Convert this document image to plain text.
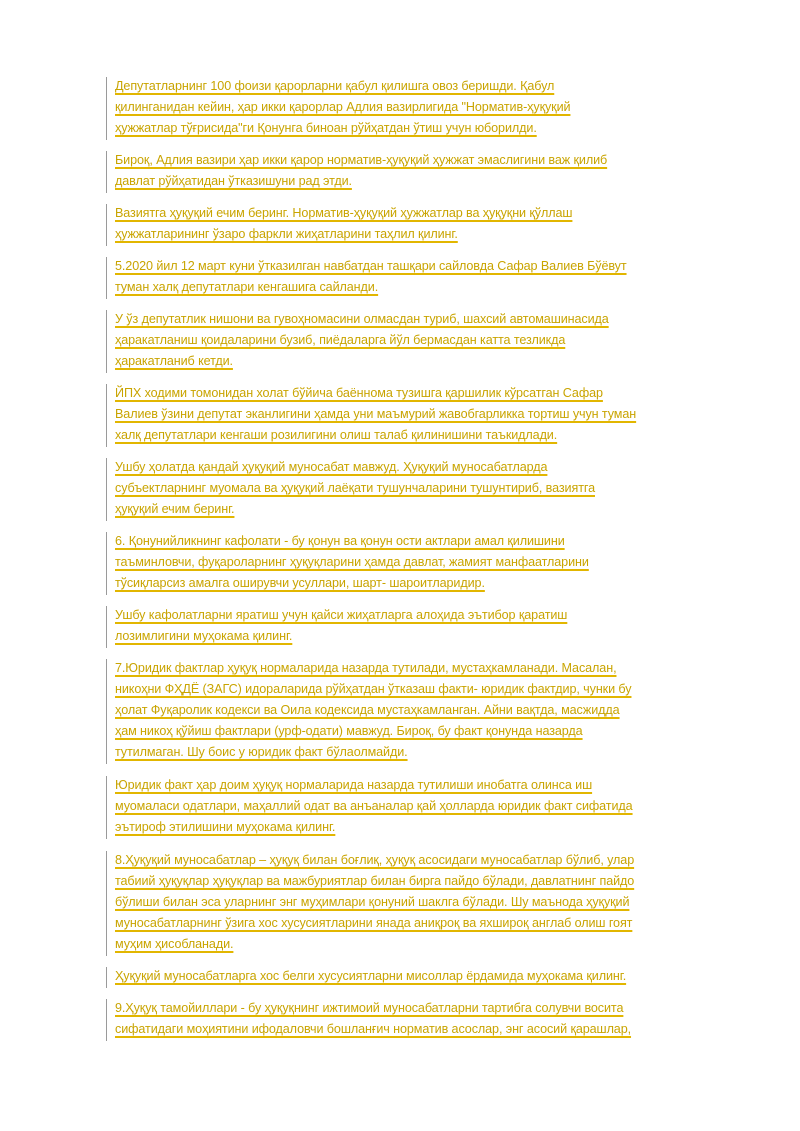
Депутатларнинг 100 фоизи қарорларни қабул қилишга овоз беришди. Қабул
қилинганидан кейин, ҳар икки қарорлар Адлия вазирлигида "Норматив-ҳуқуқий
ҳужжатлар тўғрисида"ги Қонунга биноан рўйҳатдан ўтиш учун юборилди.
Бироқ, Адлия вазири ҳар икки қарор норматив-ҳуқуқий ҳужжат эмаслигини важ қилиб
давлат рўйҳатидан ўтказишуни рад этди.
Вазиятга ҳуқуқий ечим беринг. Норматив-ҳуқуқий ҳужжатлар ва ҳуқуқни қўллаш
ҳужжатларининг ўзаро фаркли жиҳатларини таҳлил қилинг.
5.2020 йил 12 март куни ўтказилган навбатдан ташқари сайловда Сафар Валиев Бўёвут
туман халқ депутатлари кенгашига сайланди.
У ўз депутатлик нишони ва гувоҳномасини олмасдан туриб, шахсий автомашинасида
ҳаракатланиш қоидаларини бузиб, пиёдаларга йўл бермасдан катта тезликда
ҳаракатланиб кетди.
ЙПХ ходими томонидан холат бўйича баённома тузишга қаршилик кўрсатган Сафар
Валиев ўзини депутат эканлигини ҳамда уни маъмурий жавобгарликка тортиш учун туман
халқ депутатлари кенгаши розилигини олиш талаб қилинишини таъкидлади.
Ушбу ҳолатда қандай ҳуқуқий муносабат мавжуд. Ҳуқуқий муносабатларда
субъектларнинг муомала ва ҳуқуқий лаёқати тушунчаларини тушунтириб, вазиятга
ҳуқуқий ечим беринг.
6. Қонунийликнинг кафолати - бу қонун ва қонун ости актлари амал қилишини
таъминловчи, фуқароларнинг ҳуқуқларини ҳамда давлат, жамият манфаатларини
тўсиқларсиз амалга оширувчи усуллари, шарт- шароитларидир.
Ушбу кафолатларни яратиш учун қайси жиҳатларга алоҳида эътибор қаратиш
лозимлигини муҳокама қилинг.
7.Юридик фактлар ҳуқуқ нормаларида назарда тутилади, мустаҳкамланади. Масалан,
никоҳни ФҲДЁ (ЗАГС) идораларида рўйҳатдан ўтказаш факти- юридик фактдир, чунки бу
ҳолат Фуқаролик кодекси ва Оила кодексида мустаҳкамланган. Айни вақтда, масжидда
ҳам никоҳ қўйиш фактлари (урф-одати) мавжуд. Бироқ, бу факт қонунда назарда
тутилмаган. Шу боис у юридик факт бўлаолмайди.
Юридик факт ҳар доим ҳуқуқ нормаларида назарда тутилиши инобатга олинса иш
муомаласи одатлари, маҳаллий одат ва анъаналар қай ҳолларда юридик факт сифатида
эътироф этилишини муҳокама қилинг.
8.Ҳуқуқий муносабатлар – ҳуқуқ билан боғлиқ, ҳуқуқ асосидаги муносабатлар бўлиб, улар
табиий ҳуқуқлар ҳуқуқлар ва мажбуриятлар билан бирга пайдо бўлади, давлатнинг пайдо
бўлиши билан эса уларнинг энг муҳимлари қонуний шаклга бўлади. Шу маънода ҳуқуқий
муносабатларнинг ўзига хос хусусиятларини янада аниқроқ ва яхшироқ англаб олиш гоят
муҳим ҳисобланади.
Ҳуқуқий муносабатларга хос белги хусусиятларни мисоллар ёрдамида муҳокама қилинг.
9.Ҳуқуқ тамойиллари - бу ҳуқуқнинг ижтимоий муносабатларни тартибга солувчи восита
сифатидаги моҳиятини ифодаловчи бошланғич норматив асослар, энг асосий қарашлар,
